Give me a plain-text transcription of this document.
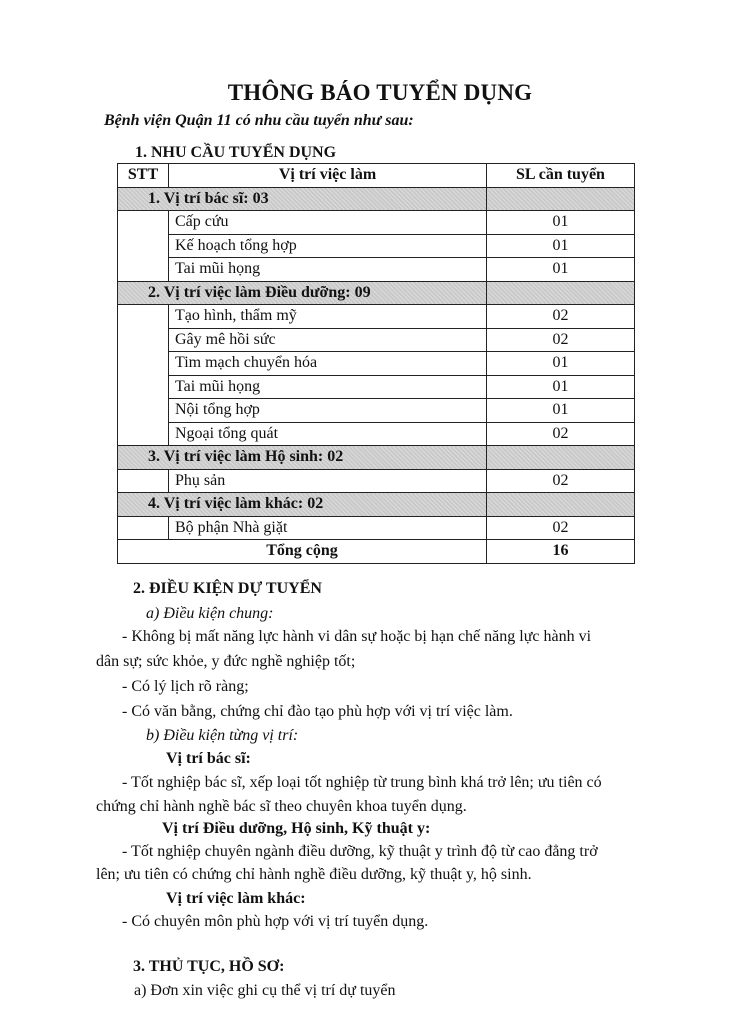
THÔNG BÁO TUYỂN DỤNG
Bệnh viện Quận 11 có nhu cầu tuyển như sau:
1. NHU CẦU TUYỂN DỤNG
STT	Vị trí việc làm	SL cần tuyển
1. Vị trí bác sĩ: 03		
	Cấp cứu	01
	Kế hoạch tổng hợp	01
	Tai mũi họng	01
2. Vị trí việc làm Điều dưỡng: 09		
	Tạo hình, thẩm mỹ	02
	Gây mê hồi sức	02
	Tim mạch chuyển hóa	01
	Tai mũi họng	01
	Nội tổng hợp	01
	Ngoại tổng quát	02
3. Vị trí việc làm Hộ sinh: 02		
	Phụ sản	02
4. Vị trí việc làm khác: 02		
	Bộ phận Nhà giặt	02
Tổng cộng		16
2. ĐIỀU KIỆN DỰ TUYỂN
a) Điều kiện chung:
- Không bị mất năng lực hành vi dân sự hoặc bị hạn chế năng lực hành vi
dân sự; sức khỏe, y đức nghề nghiệp tốt;
- Có lý lịch rõ ràng;
- Có văn bằng, chứng chỉ đào tạo phù hợp với vị trí việc làm.
b) Điều kiện từng vị trí:
Vị trí bác sĩ:
- Tốt nghiệp bác sĩ, xếp loại tốt nghiệp từ trung bình khá trở lên; ưu tiên có
chứng chỉ hành nghề bác sĩ theo chuyên khoa tuyển dụng.
Vị trí Điều dưỡng, Hộ sinh, Kỹ thuật y:
- Tốt nghiệp chuyên ngành điều dưỡng, kỹ thuật y trình độ từ cao đẳng trở
lên; ưu tiên có chứng chỉ hành nghề điều dưỡng, kỹ thuật y, hộ sinh.
Vị trí việc làm khác:
- Có chuyên môn phù hợp với vị trí tuyển dụng.
3. THỦ TỤC, HỒ SƠ:
a) Đơn xin việc ghi cụ thể vị trí dự tuyển
